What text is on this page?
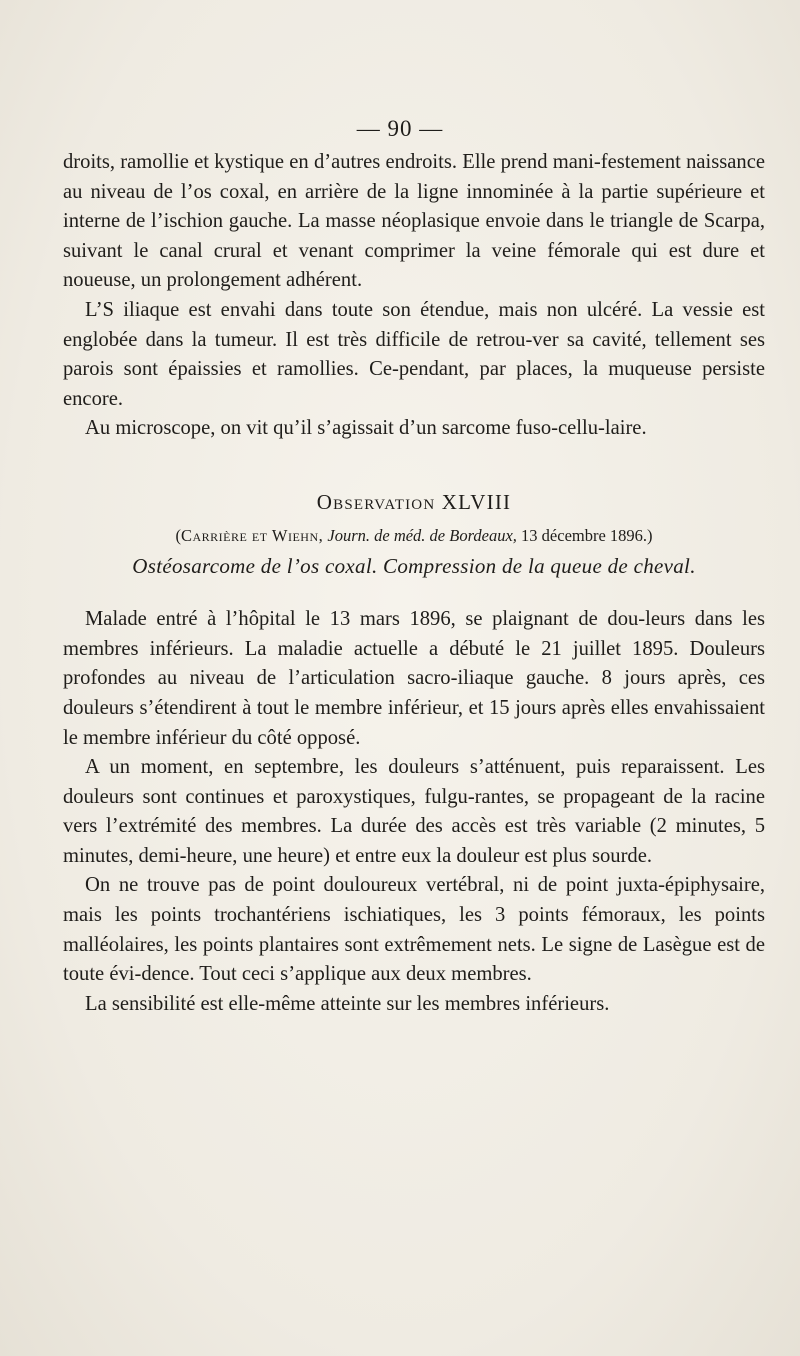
— 90 —

droits, ramollie et kystique en d’autres endroits. Elle prend mani-festement naissance au niveau de l’os coxal, en arrière de la ligne innominée à la partie supérieure et interne de l’ischion gauche. La masse néoplasique envoie dans le triangle de Scarpa, suivant le canal crural et venant comprimer la veine fémorale qui est dure et noueuse, un prolongement adhérent.

L’S iliaque est envahi dans toute son étendue, mais non ulcéré. La vessie est englobée dans la tumeur. Il est très difficile de retrou-ver sa cavité, tellement ses parois sont épaissies et ramollies. Ce-pendant, par places, la muqueuse persiste encore.

Au microscope, on vit qu’il s’agissait d’un sarcome fuso-cellu-laire.

Observation XLVIII
(Carrière et Wiehn, Journ. de méd. de Bordeaux, 13 décembre 1896.)
Ostéosarcome de l’os coxal. Compression de la queue de cheval.

Malade entré à l’hôpital le 13 mars 1896, se plaignant de dou-leurs dans les membres inférieurs. La maladie actuelle a débuté le 21 juillet 1895. Douleurs profondes au niveau de l’articulation sacro-iliaque gauche. 8 jours après, ces douleurs s’étendirent à tout le membre inférieur, et 15 jours après elles envahissaient le membre inférieur du côté opposé.

A un moment, en septembre, les douleurs s’atténuent, puis reparaissent. Les douleurs sont continues et paroxystiques, fulgu-rantes, se propageant de la racine vers l’extrémité des membres. La durée des accès est très variable (2 minutes, 5 minutes, demi-heure, une heure) et entre eux la douleur est plus sourde.

On ne trouve pas de point douloureux vertébral, ni de point juxta-épiphysaire, mais les points trochantériens ischiatiques, les 3 points fémoraux, les points malléolaires, les points plantaires sont extrêmement nets. Le signe de Lasègue est de toute évi-dence. Tout ceci s’applique aux deux membres.

La sensibilité est elle-même atteinte sur les membres inférieurs.
